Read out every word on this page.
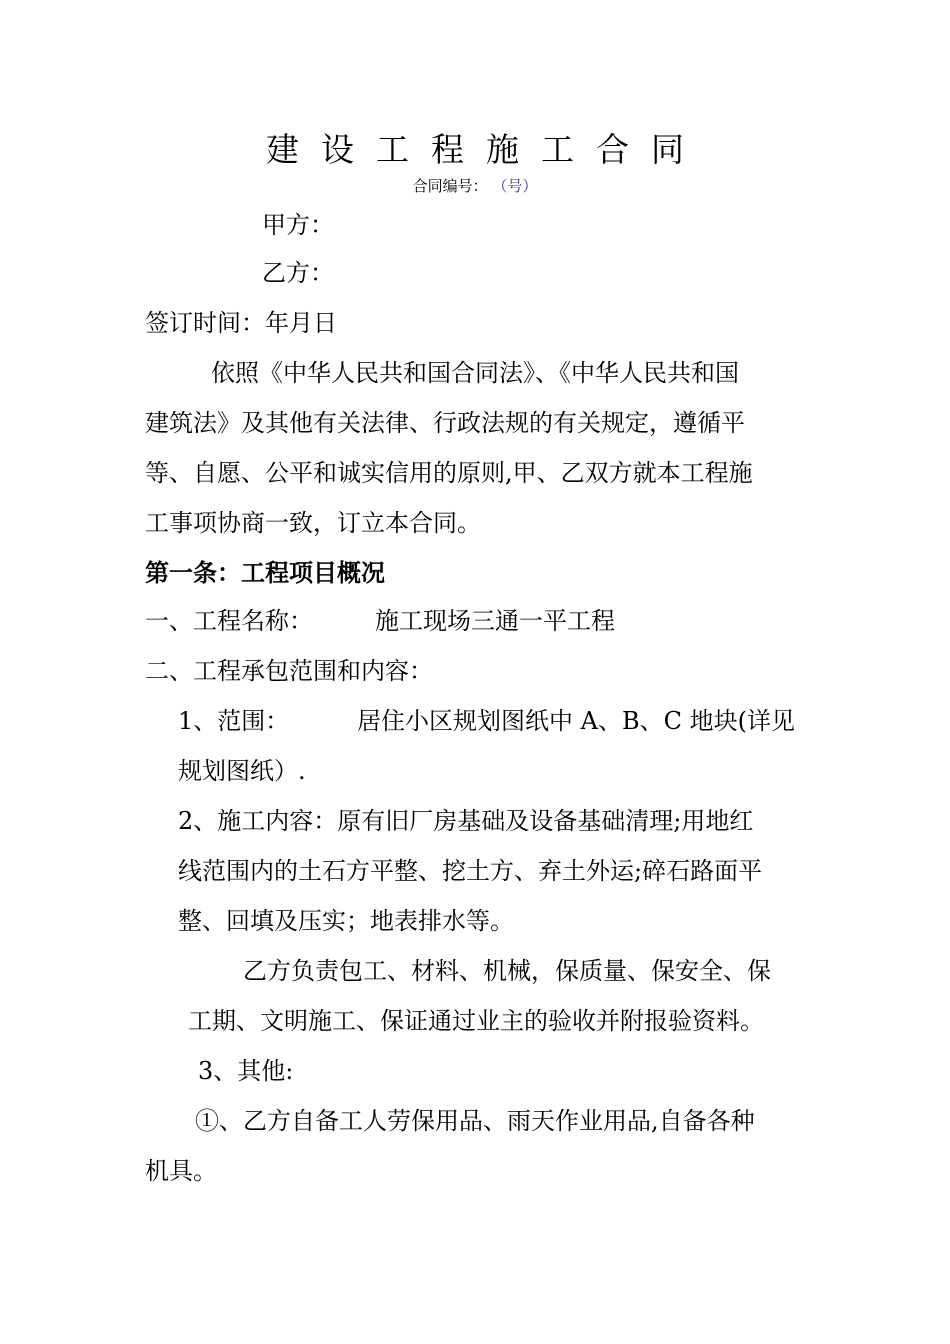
建设工程施工合同
合同编号： （号）
甲方：
乙方：
签订时间：年月日
依照《中华人民共和国合同法》、《中华人民共和国
建筑法》及其他有关法律、行政法规的有关规定，遵循平
等、自愿、公平和诚实信用的原则,甲、乙双方就本工程施
工事项协商一致，订立本合同。
第一条：工程项目概况
一、工程名称：	施工现场三通一平工程
二、工程承包范围和内容：
1、范围：	居住小区规划图纸中 A、B、C 地块(详见
规划图纸）.
2、施工内容：原有旧厂房基础及设备基础清理;用地红
线范围内的土石方平整、挖土方、弃土外运;碎石路面平
整、回填及压实；地表排水等。
乙方负责包工、材料、机械，保质量、保安全、保
工期、文明施工、保证通过业主的验收并附报验资料。
3、其他:
①、乙方自备工人劳保用品、雨天作业用品,自备各种
机具。
